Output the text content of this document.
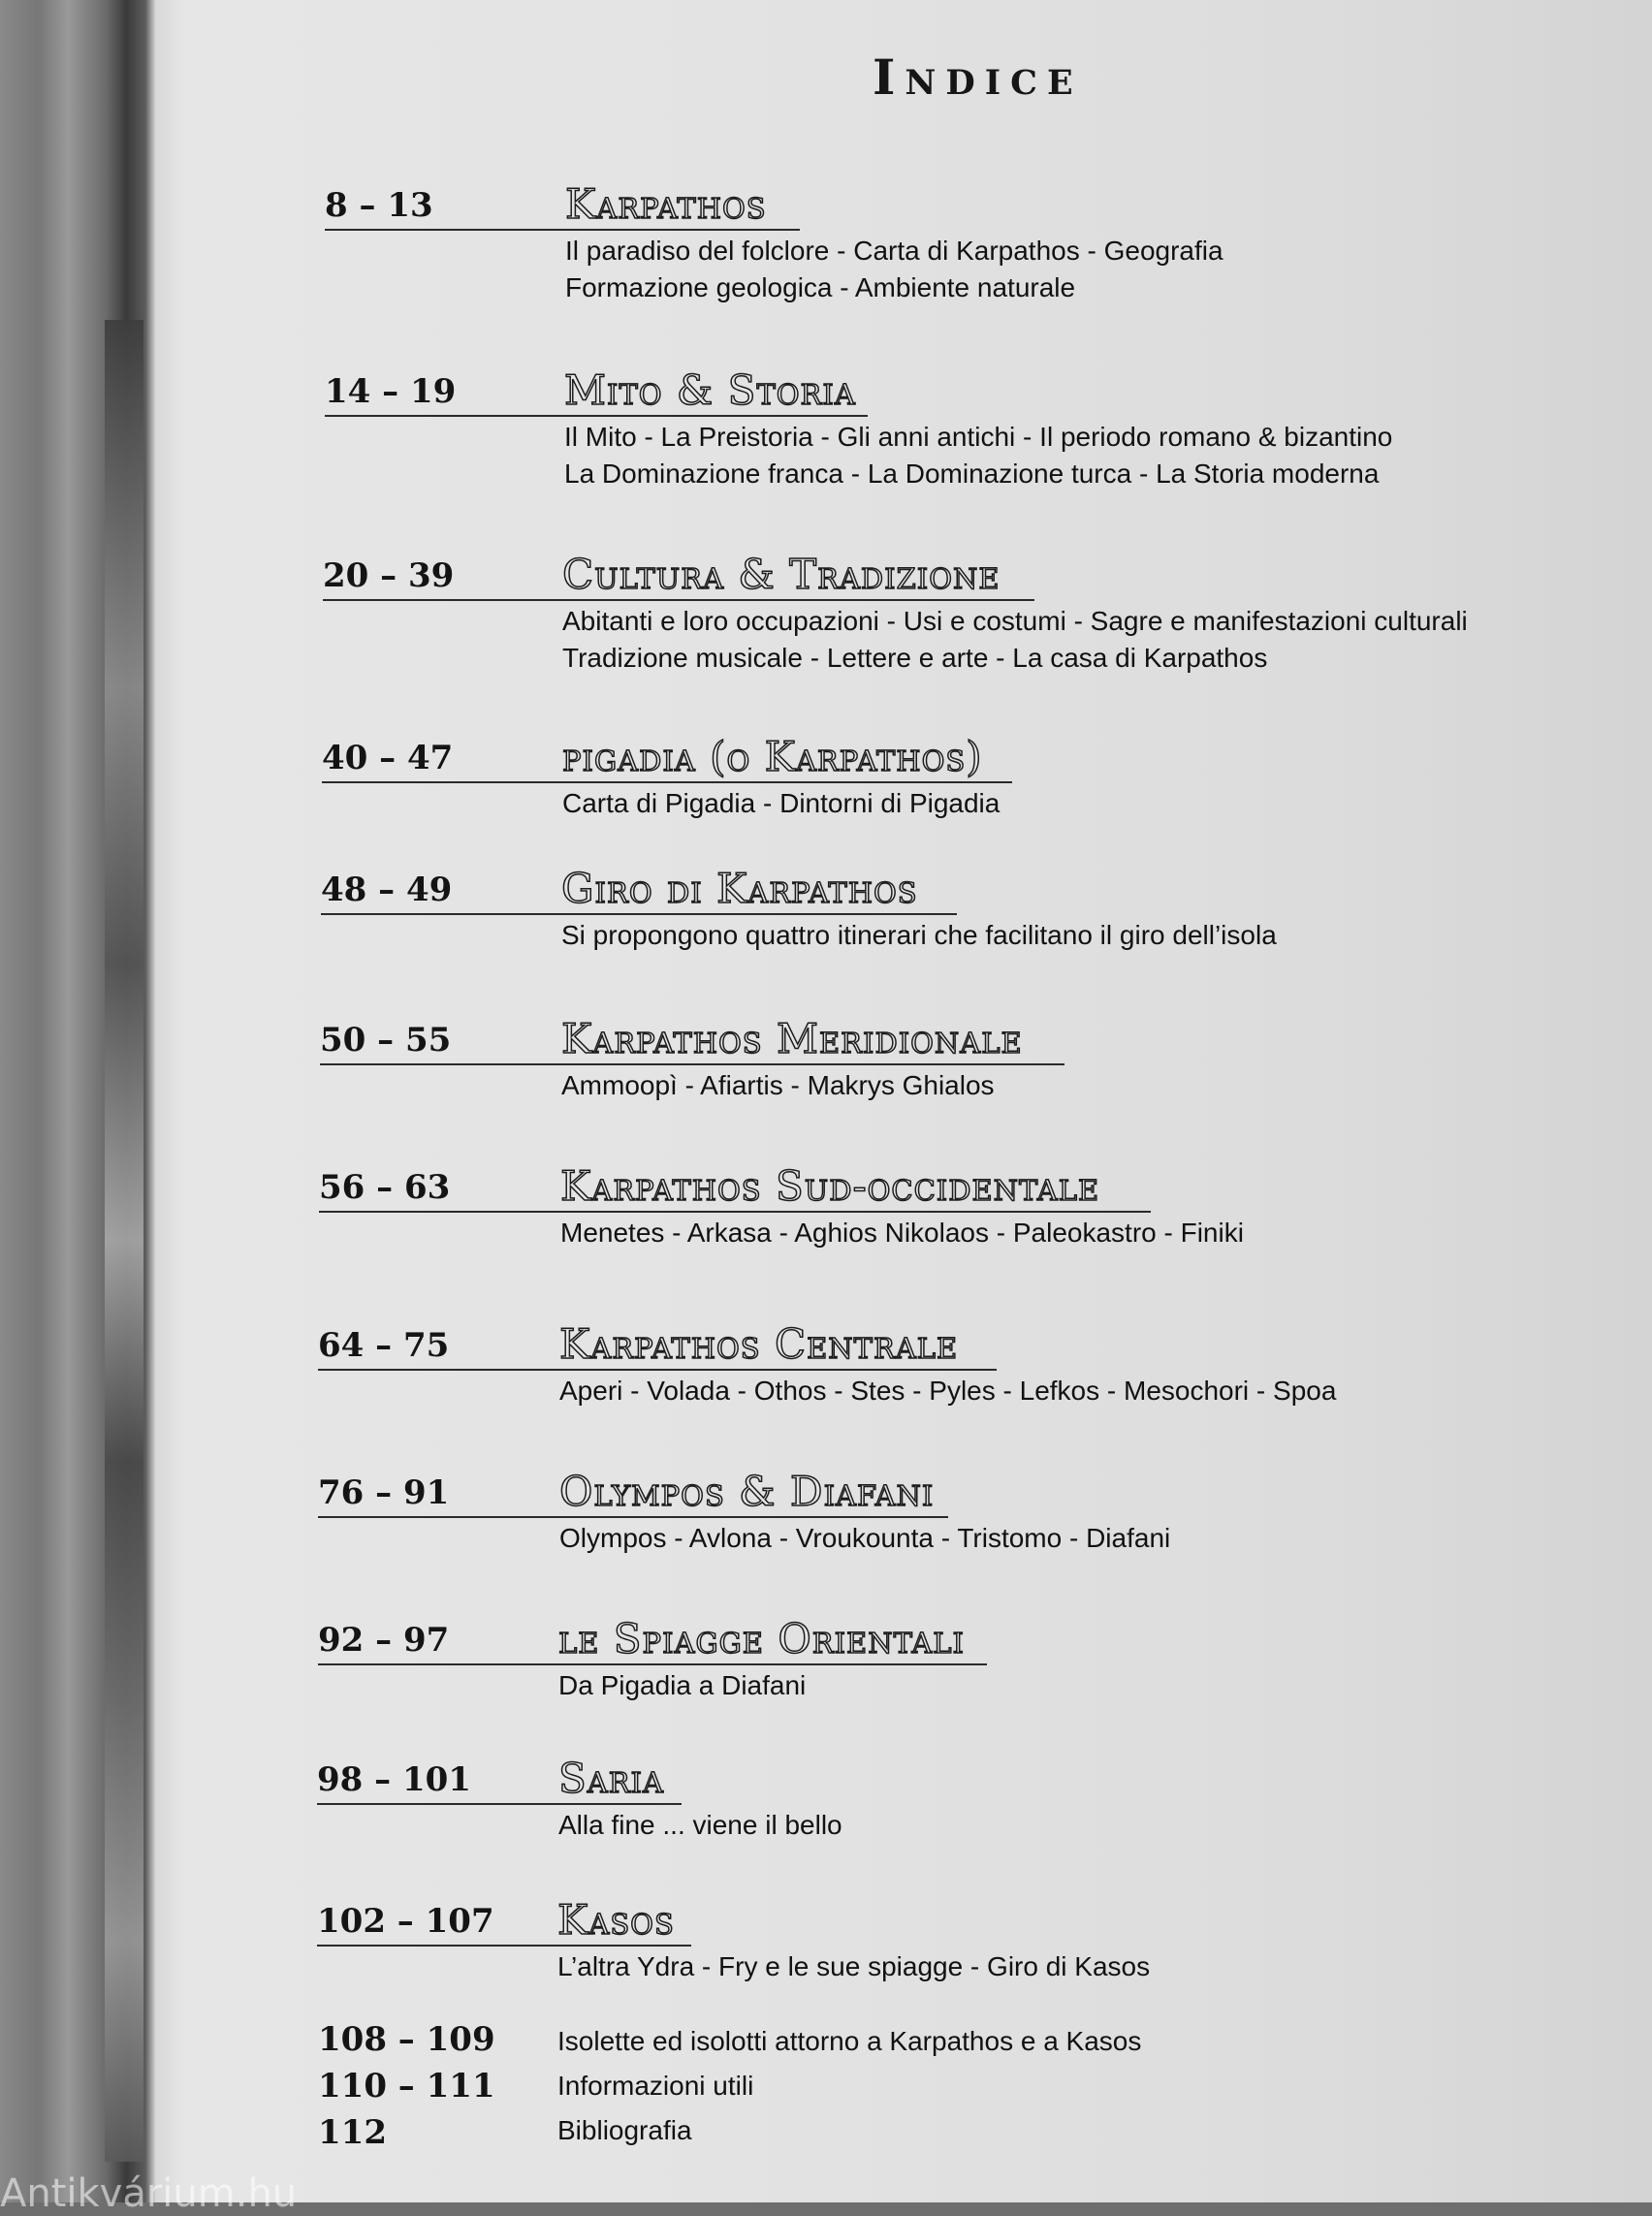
Indice
8 – 13	Karpathos
Il paradiso del folclore - Carta di Karpathos - Geografia
Formazione geologica - Ambiente naturale
14 – 19	Mito & Storia
Il Mito - La Preistoria - Gli anni antichi - Il periodo romano & bizantino
La Dominazione franca - La Dominazione turca - La Storia moderna
20 – 39	Cultura & Tradizione
Abitanti e loro occupazioni - Usi e costumi - Sagre e manifestazioni culturali
Tradizione musicale - Lettere e arte - La casa di Karpathos
40 – 47	pigadia (o Karpathos)
Carta di Pigadia - Dintorni di Pigadia
48 – 49	Giro di Karpathos
Si propongono quattro itinerari che facilitano il giro dell’isola
50 – 55	Karpathos Meridionale
Ammoopì - Afiartis - Makrys Ghialos
56 – 63	Karpathos Sud-occidentale
Menetes - Arkasa - Aghios Nikolaos - Paleokastro - Finiki
64 – 75	Karpathos Centrale
Aperi - Volada - Othos - Stes - Pyles - Lefkos - Mesochori - Spoa
76 – 91	Olympos & Diafani
Olympos - Avlona - Vroukounta - Tristomo - Diafani
92 – 97	le Spiagge Orientali
Da Pigadia a Diafani
98 – 101 Saria
Alla fine ... viene il bello
102 – 107 Kasos
L’altra Ydra - Fry e le sue spiagge - Giro di Kasos
108 – 109 Isolette ed isolotti attorno a Karpathos e a Kasos
110 – 111 Informazioni utili
112	Bibliografia
Antikvárium.hu
